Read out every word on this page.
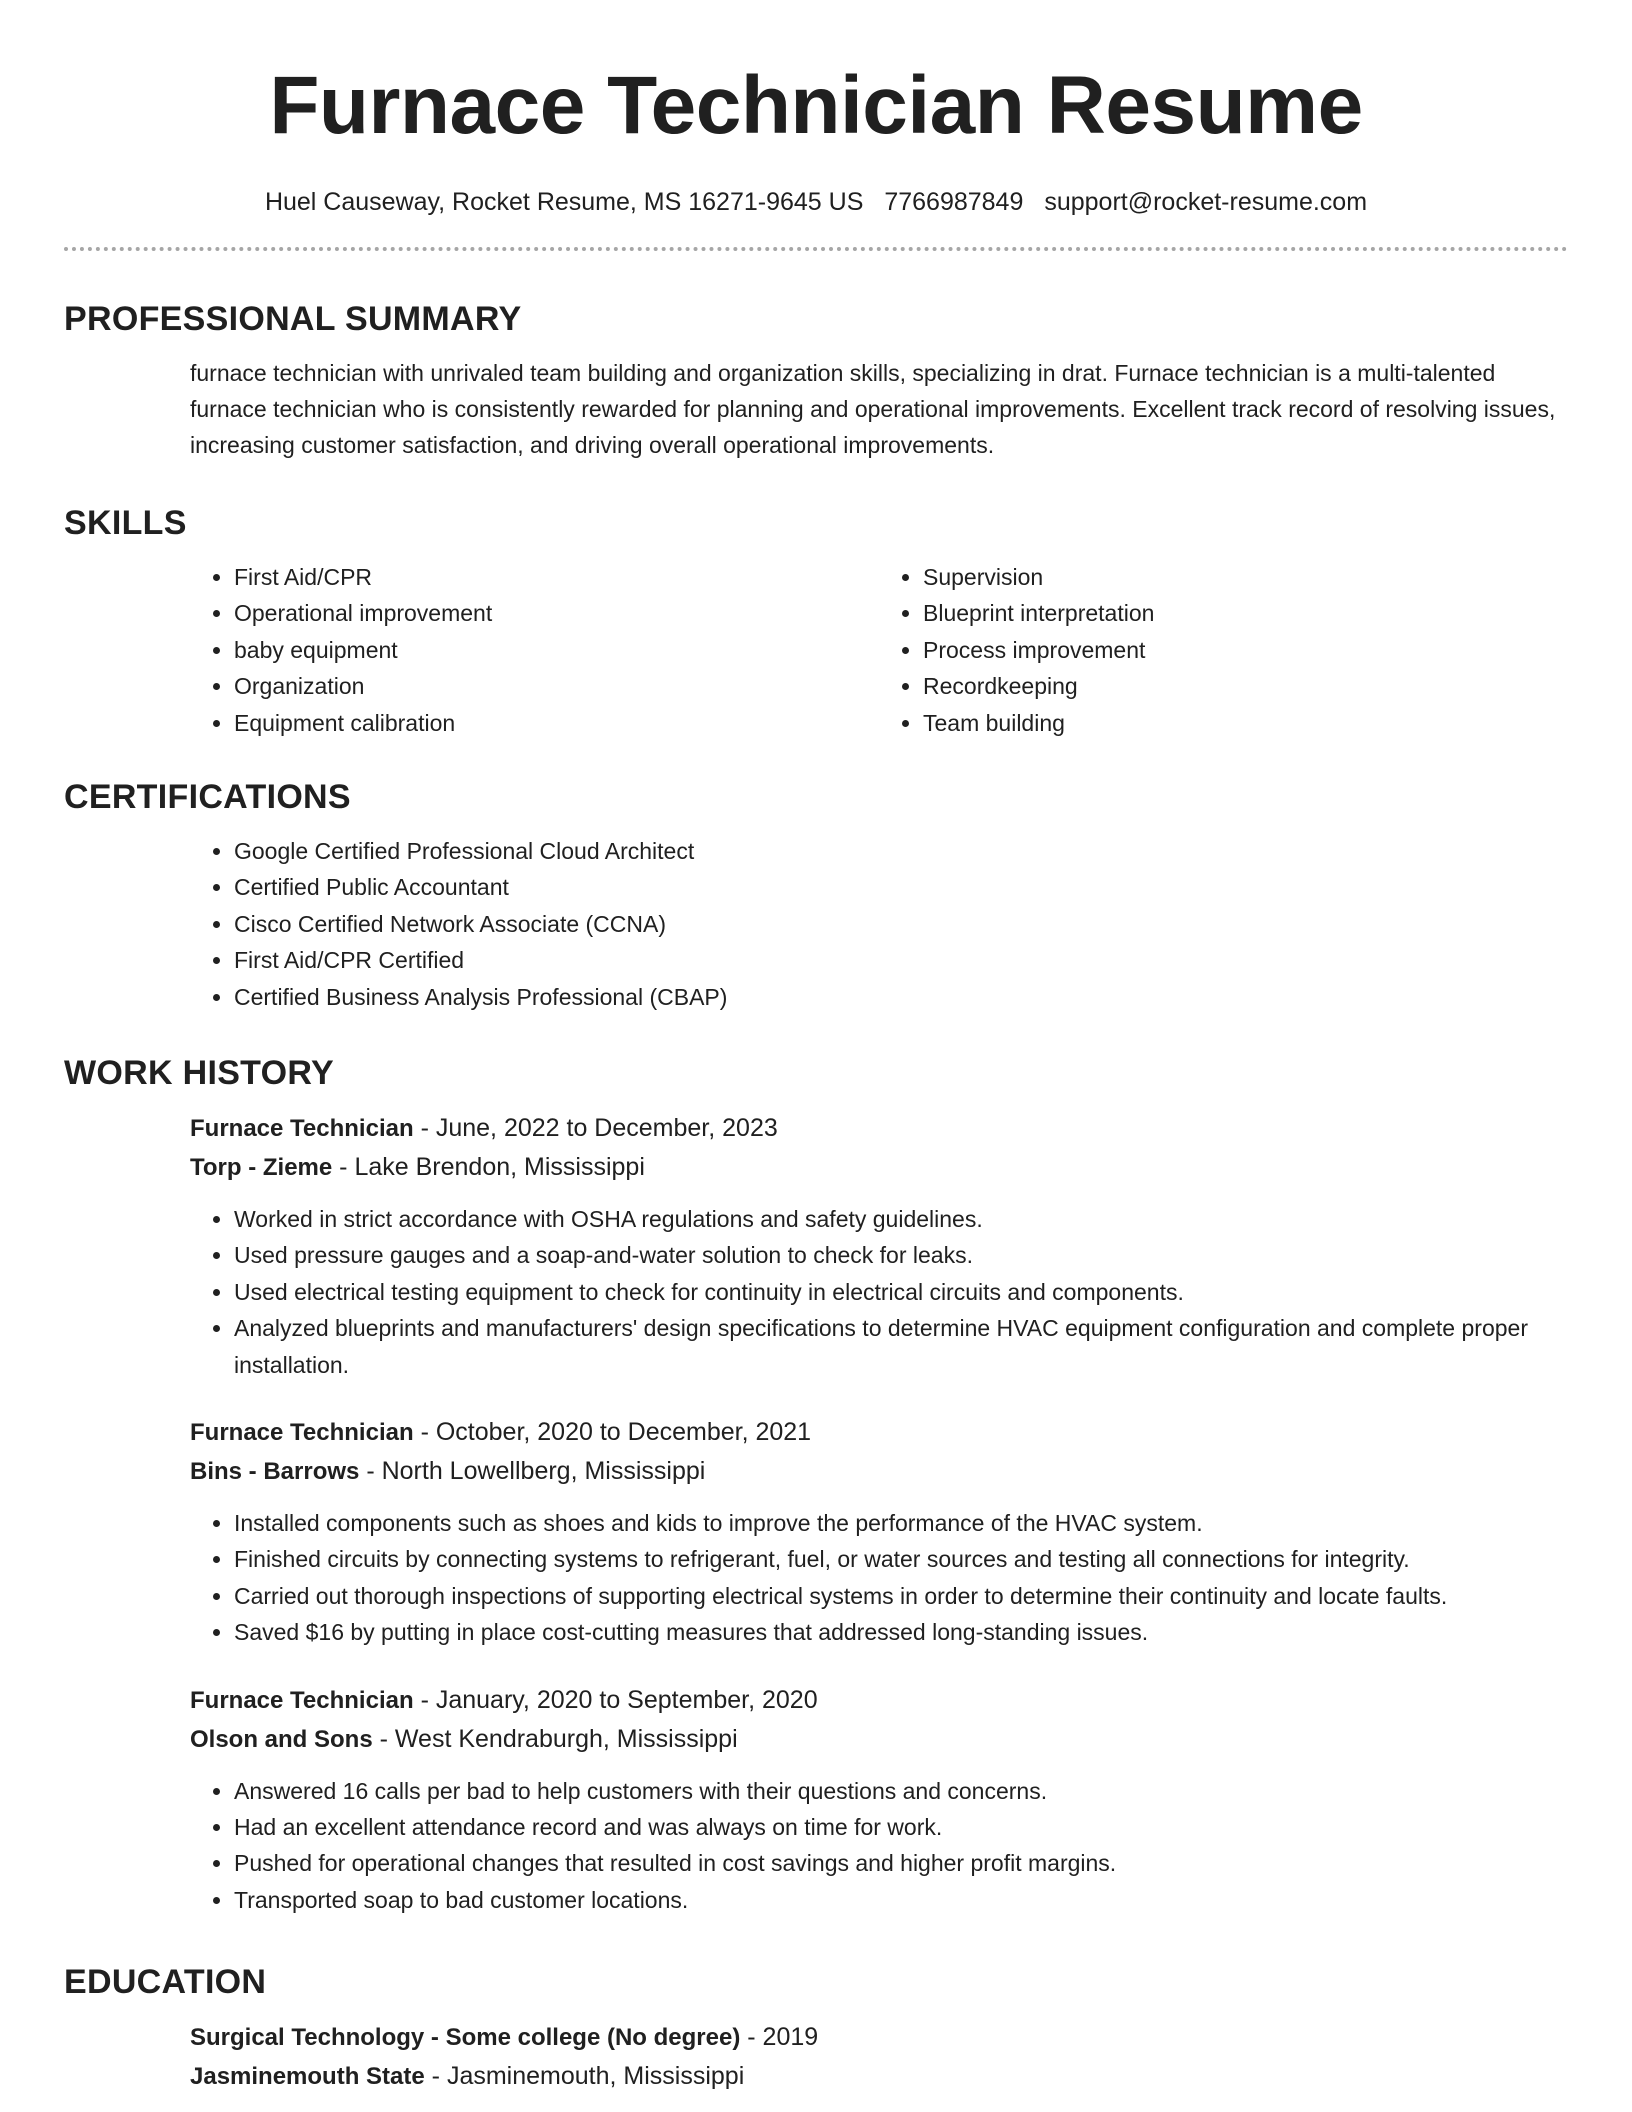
Furnace Technician Resume
Huel Causeway, Rocket Resume, MS 16271-9645 US 7766987849 support@rocket-resume.com
PROFESSIONAL SUMMARY

furnace technician with unrivaled team building and organization skills, specializing in drat. Furnace technician is a multi-talented furnace technician who is consistently rewarded for planning and operational improvements. Excellent track record of resolving issues, increasing customer satisfaction, and driving overall operational improvements.

SKILLS
• First Aid/CPR
• Operational improvement
• baby equipment
• Organization
• Equipment calibration
• Supervision
• Blueprint interpretation
• Process improvement
• Recordkeeping
• Team building
CERTIFICATIONS
• Google Certified Professional Cloud Architect
• Certified Public Accountant
• Cisco Certified Network Associate (CCNA)
• First Aid/CPR Certified
• Certified Business Analysis Professional (CBAP)
WORK HISTORY
Furnace Technician - June, 2022 to December, 2023
Torp - Zieme - Lake Brendon, Mississippi
• Worked in strict accordance with OSHA regulations and safety guidelines.
• Used pressure gauges and a soap-and-water solution to check for leaks.
• Used electrical testing equipment to check for continuity in electrical circuits and components.
• Analyzed blueprints and manufacturers' design specifications to determine HVAC equipment configuration and complete proper installation.
Furnace Technician - October, 2020 to December, 2021
Bins - Barrows - North Lowellberg, Mississippi
• Installed components such as shoes and kids to improve the performance of the HVAC system.
• Finished circuits by connecting systems to refrigerant, fuel, or water sources and testing all connections for integrity.
• Carried out thorough inspections of supporting electrical systems in order to determine their continuity and locate faults.
• Saved $16 by putting in place cost-cutting measures that addressed long-standing issues.
Furnace Technician - January, 2020 to September, 2020
Olson and Sons - West Kendraburgh, Mississippi
• Answered 16 calls per bad to help customers with their questions and concerns.
• Had an excellent attendance record and was always on time for work.
• Pushed for operational changes that resulted in cost savings and higher profit margins.
• Transported soap to bad customer locations.
EDUCATION
Surgical Technology - Some college (No degree) - 2019
Jasminemouth State - Jasminemouth, Mississippi
